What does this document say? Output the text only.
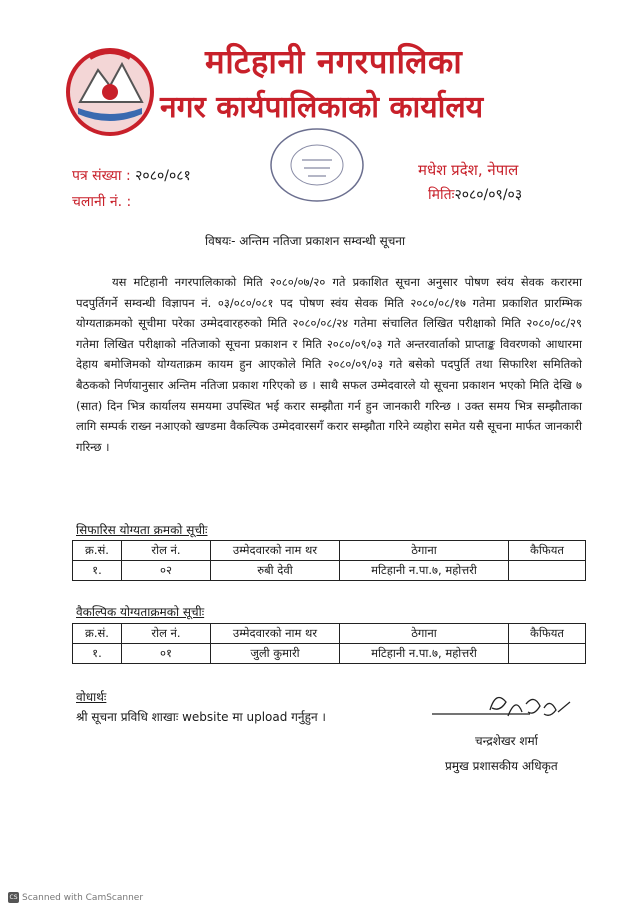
मटिहानी नगरपालिका
नगर कार्यपालिकाको कार्यालय
पत्र संख्या : २०८०/०८१
चलानी नं. :
मधेश प्रदेश, नेपाल
मितिः२०८०/०९/०३
विषयः- अन्तिम नतिजा प्रकाशन सम्वन्धी सूचना
यस मटिहानी नगरपालिकाको मिति २०८०/०७/२० गते प्रकाशित सूचना अनुसार पोषण स्वंय सेवक करारमा पदपुर्तिगर्ने सम्वन्धी विज्ञापन नं. ०३/०८०/०८१ पद पोषण स्वंय सेवक मिति २०८०/०८/१७ गतेमा प्रकाशित प्रारम्भिक योग्यताक्रमको सूचीमा परेका उम्मेदवारहरुको मिति २०८०/०८/२४ गतेमा संचालित लिखित परीक्षाको मिति २०८०/०८/२९ गतेमा लिखित परीक्षाको नतिजाको सूचना प्रकाशन र मिति २०८०/०९/०३ गते अन्तरवार्ताको प्राप्ताङ्क विवरणको आधारमा देहाय बमोजिमको योग्यताक्रम कायम हुन आएकोले मिति २०८०/०९/०३ गते बसेको पदपुर्ति तथा सिफारिश समितिको बैठकको निर्णयानुसार अन्तिम नतिजा प्रकाश गरिएको छ । साथै सफल उम्मेदवारले यो सूचना प्रकाशन भएको मिति देखि ७ (सात) दिन भित्र कार्यालय समयमा उपस्थित भई करार सम्झौता गर्न हुन जानकारी गरिन्छ । उक्त समय भित्र सम्झौताका लागि सम्पर्क राख्न नआएको खण्डमा वैकल्पिक उम्मेदवारसगँ करार सम्झौता गरिने व्यहोरा समेत यसै सूचना मार्फत जानकारी गरिन्छ ।
सिफारिस योग्यता क्रमको सूचीः
क्र.सं.	रोल नं.	उम्मेदवारको नाम थर	ठेगाना	कैफियत
१.	०२	रुबी देवी	मटिहानी न.पा.७, महोत्तरी	
वैकल्पिक योग्यताक्रमको सूचीः
क्र.सं.	रोल नं.	उम्मेदवारको नाम थर	ठेगाना	कैफियत
१.	०१	जुली कुमारी	मटिहानी न.पा.७, महोत्तरी	
वोधार्थः
श्री सूचना प्रविधि शाखाः website मा upload गर्नुहुन ।
चन्द्रशेखर शर्मा
प्रमुख प्रशासकीय अधिकृत
CS Scanned with CamScanner
